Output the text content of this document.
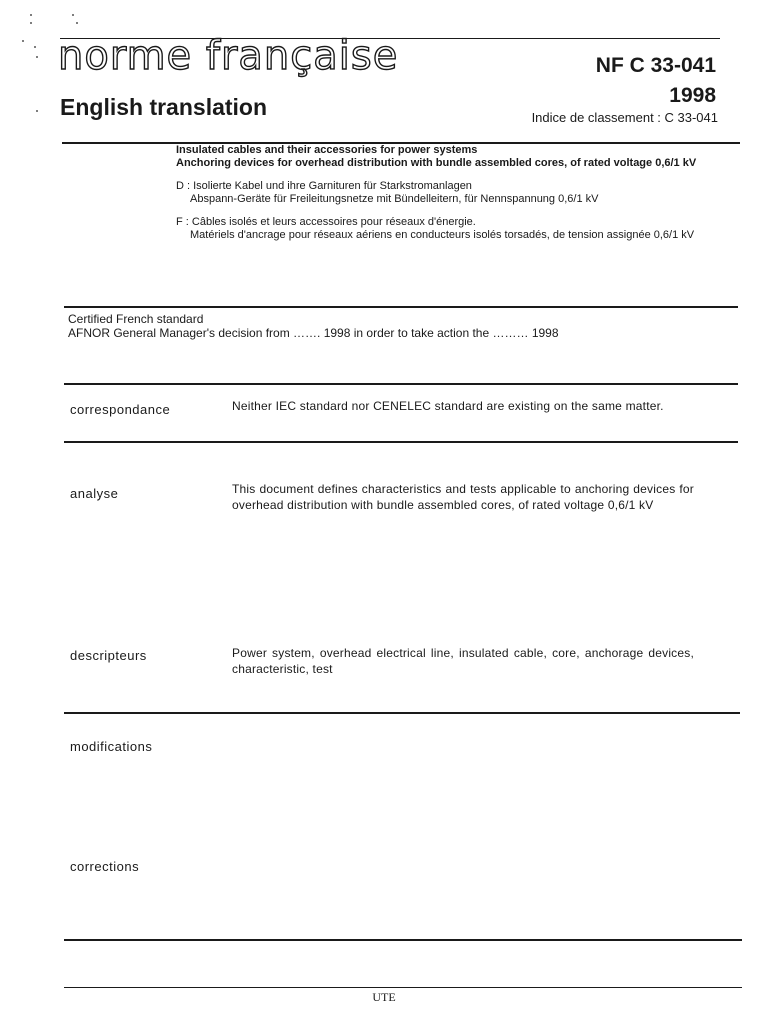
norme française
English translation
NF C 33-041
1998
Indice de classement : C 33-041

Insulated cables and their accessories for power systems

Anchoring devices for overhead distribution with bundle assembled cores, of rated voltage 0,6/1 kV

D : Isolierte Kabel und ihre Garnituren für Starkstromanlagen

Abspann-Geräte für Freileitungsnetze mit Bündelleitern, für Nennspannung 0,6/1 kV

F : Câbles isolés et leurs accessoires pour réseaux d'énergie.

Matériels d'ancrage pour réseaux aériens en conducteurs isolés torsadés, de tension assignée 0,6/1 kV

Certified French standard

AFNOR General Manager's decision from ……. 1998 in order to take action the ……… 1998

correspondance	Neither IEC standard nor CENELEC standard are existing on the same matter.
analyse	This document defines characteristics and tests applicable to anchoring devices for overhead distribution with bundle assembled cores, of rated voltage 0,6/1 kV
descripteurs	Power system, overhead electrical line, insulated cable, core, anchorage devices, characteristic, test
modifications
corrections
UTE
